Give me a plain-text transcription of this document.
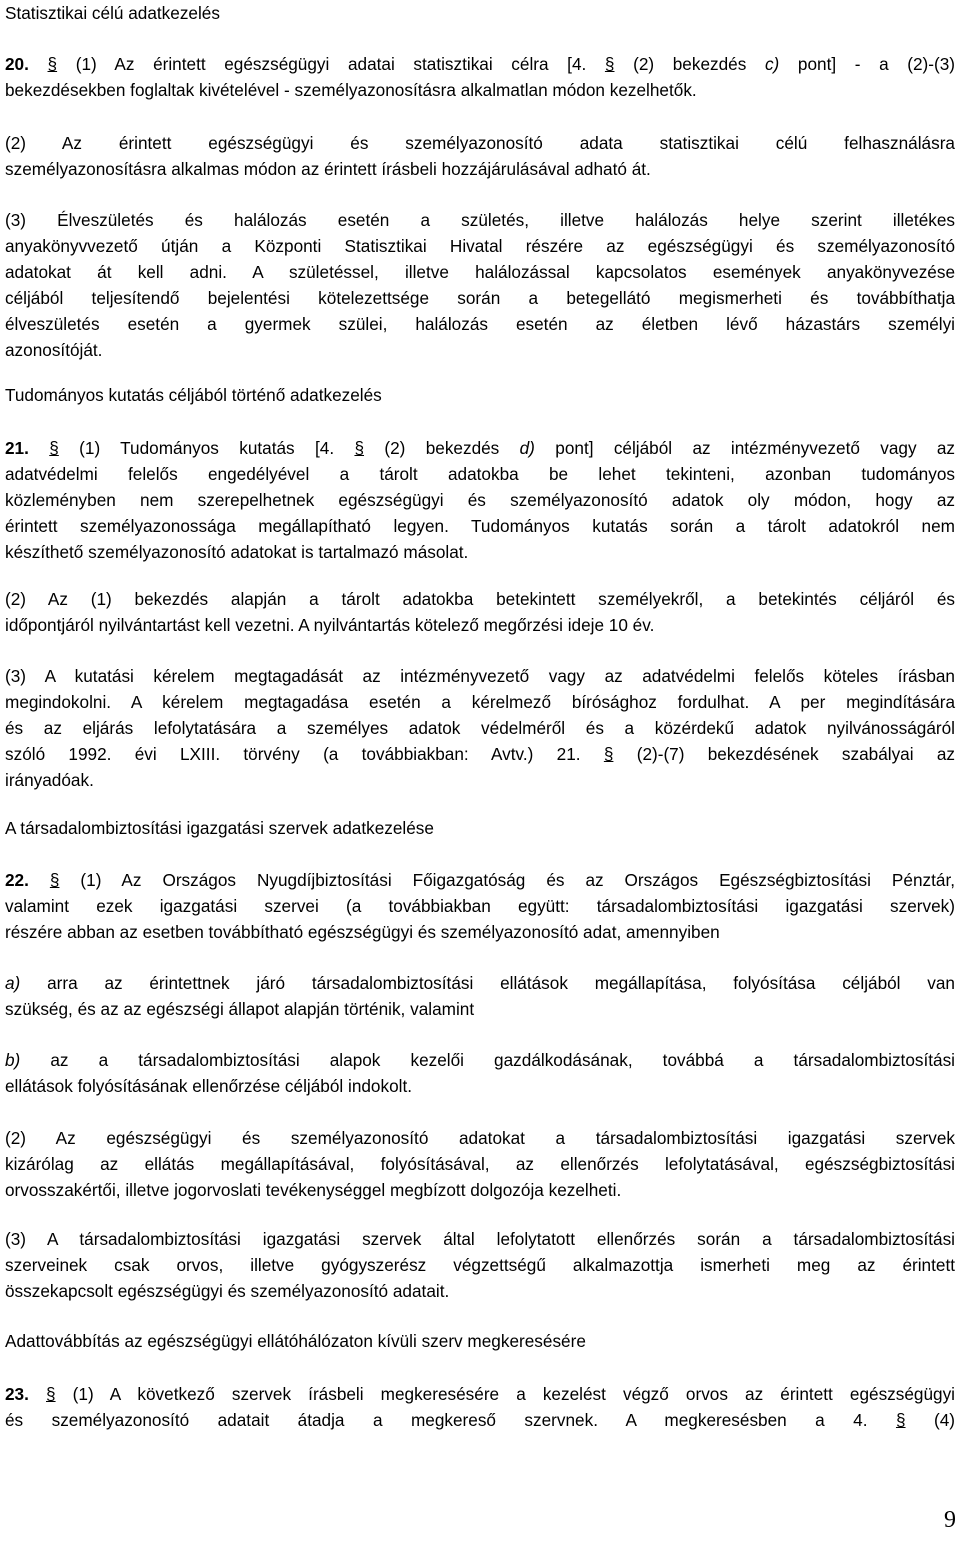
Statisztikai célú adatkezelés
20. § (1) Az érintett egészségügyi adatai statisztikai célra [4. § (2) bekezdés c) pont] - a (2)-(3)
bekezdésekben foglaltak kivételével - személyazonosításra alkalmatlan módon kezelhetők.
(2) Az érintett egészségügyi és személyazonosító adata statisztikai célú felhasználásra
személyazonosításra alkalmas módon az érintett írásbeli hozzájárulásával adható át.
(3) Élveszületés és halálozás esetén a születés, illetve halálozás helye szerint illetékes
anyakönyvvezető útján a Központi Statisztikai Hivatal részére az egészségügyi és személyazonosító
adatokat át kell adni. A születéssel, illetve halálozással kapcsolatos események anyakönyvezése
céljából teljesítendő bejelentési kötelezettsége során a betegellátó megismerheti és továbbíthatja
élveszületés esetén a gyermek szülei, halálozás esetén az életben lévő házastárs személyi
azonosítóját.
Tudományos kutatás céljából történő adatkezelés
21. § (1) Tudományos kutatás [4. § (2) bekezdés d) pont] céljából az intézményvezető vagy az
adatvédelmi felelős engedélyével a tárolt adatokba be lehet tekinteni, azonban tudományos
közleményben nem szerepelhetnek egészségügyi és személyazonosító adatok oly módon, hogy az
érintett személyazonossága megállapítható legyen. Tudományos kutatás során a tárolt adatokról nem
készíthető személyazonosító adatokat is tartalmazó másolat.
(2) Az (1) bekezdés alapján a tárolt adatokba betekintett személyekről, a betekintés céljáról és
időpontjáról nyilvántartást kell vezetni. A nyilvántartás kötelező megőrzési ideje 10 év.
(3) A kutatási kérelem megtagadását az intézményvezető vagy az adatvédelmi felelős köteles írásban
megindokolni. A kérelem megtagadása esetén a kérelmező bírósághoz fordulhat. A per megindítására
és az eljárás lefolytatására a személyes adatok védelméről és a közérdekű adatok nyilvánosságáról
szóló 1992. évi LXIII. törvény (a továbbiakban: Avtv.) 21. § (2)-(7) bekezdésének szabályai az
irányadóak.
A társadalombiztosítási igazgatási szervek adatkezelése
22. § (1) Az Országos Nyugdíjbiztosítási Főigazgatóság és az Országos Egészségbiztosítási Pénztár,
valamint ezek igazgatási szervei (a továbbiakban együtt: társadalombiztosítási igazgatási szervek)
részére abban az esetben továbbítható egészségügyi és személyazonosító adat, amennyiben
a) arra az érintettnek járó társadalombiztosítási ellátások megállapítása, folyósítása céljából van
szükség, és az az egészségi állapot alapján történik, valamint
b) az a társadalombiztosítási alapok kezelői gazdálkodásának, továbbá a társadalombiztosítási
ellátások folyósításának ellenőrzése céljából indokolt.
(2) Az egészségügyi és személyazonosító adatokat a társadalombiztosítási igazgatási szervek
kizárólag az ellátás megállapításával, folyósításával, az ellenőrzés lefolytatásával, egészségbiztosítási
orvosszakértői, illetve jogorvoslati tevékenységgel megbízott dolgozója kezelheti.
(3) A társadalombiztosítási igazgatási szervek által lefolytatott ellenőrzés során a társadalombiztosítási
szerveinek csak orvos, illetve gyógyszerész végzettségű alkalmazottja ismerheti meg az érintett
összekapcsolt egészségügyi és személyazonosító adatait.
Adattovábbítás az egészségügyi ellátóhálózaton kívüli szerv megkeresésére
23. § (1) A következő szervek írásbeli megkeresésére a kezelést végző orvos az érintett egészségügyi
és személyazonosító adatait átadja a megkereső szervnek. A megkeresésben a 4. § (4)
9
